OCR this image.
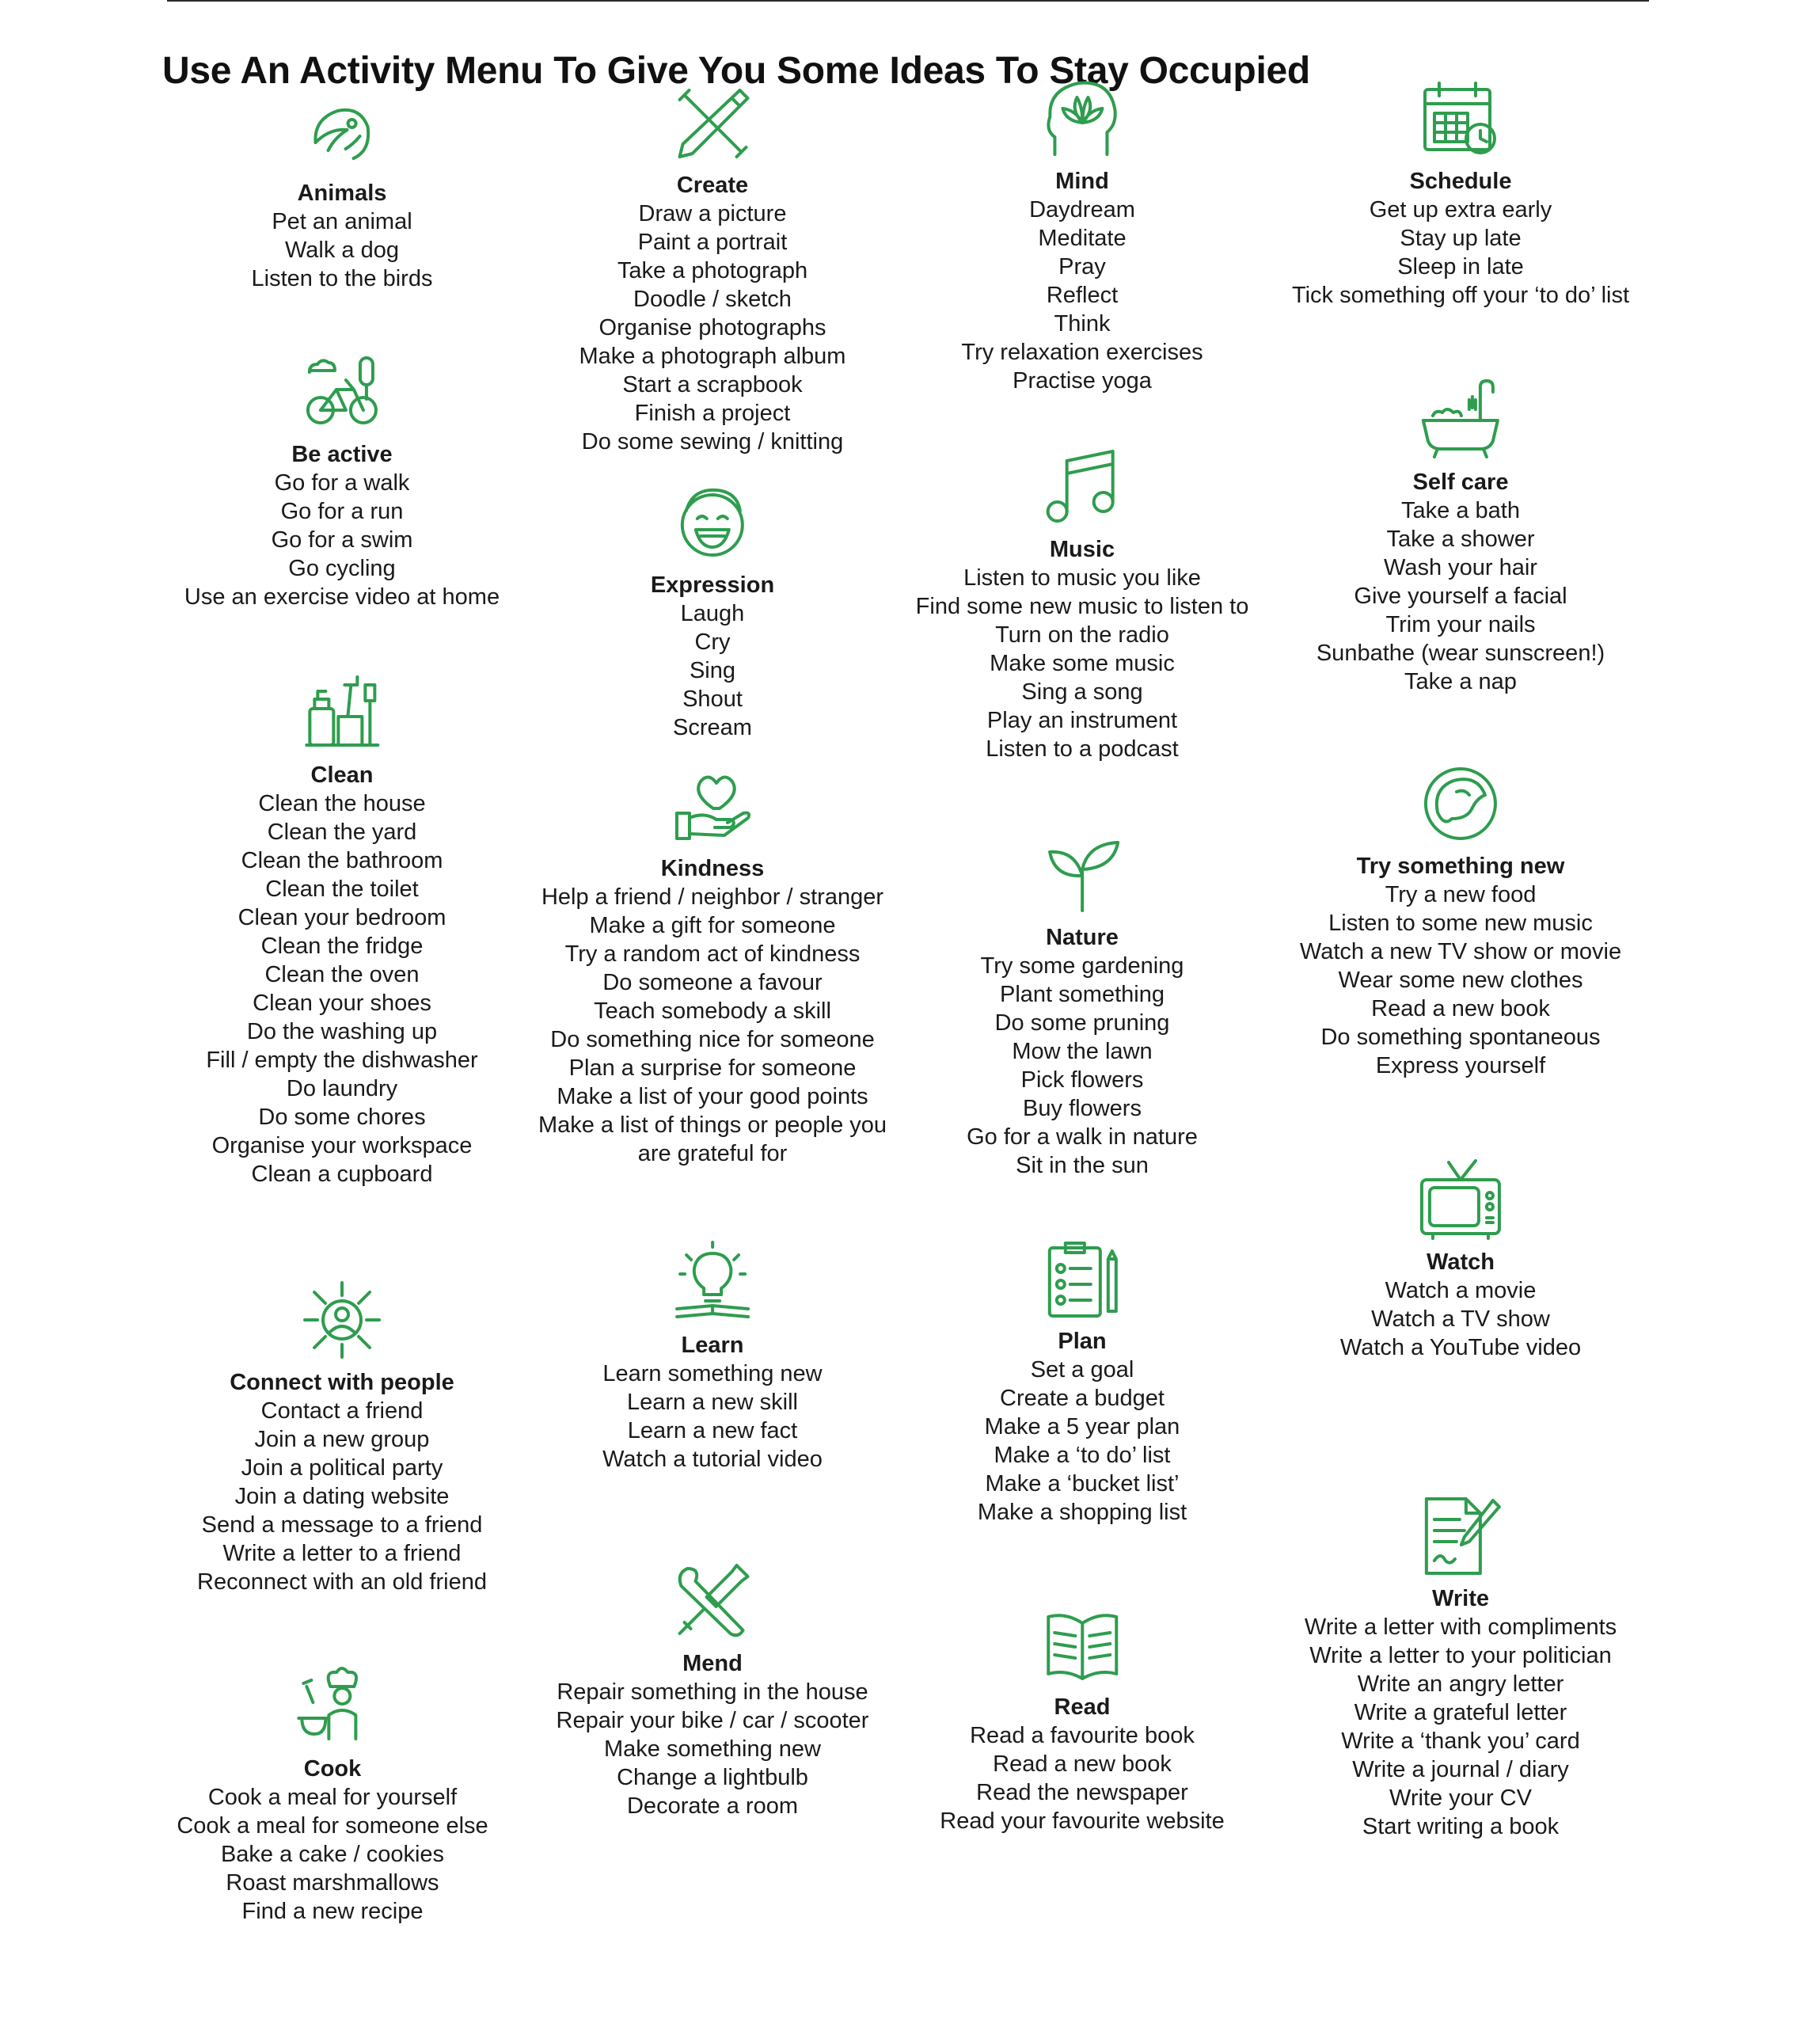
Use An Activity Menu To Give You Some Ideas To Stay Occupied
Animals
Pet an animal
Walk a dog
Listen to the birds
Be active
Go for a walk
Go for a run
Go for a swim
Go cycling
Use an exercise video at home
Clean
Clean the house
Clean the yard
Clean the bathroom
Clean the toilet
Clean your bedroom
Clean the fridge
Clean the oven
Clean your shoes
Do the washing up
Fill / empty the dishwasher
Do laundry
Do some chores
Organise your workspace
Clean a cupboard
Connect with people
Contact a friend
Join a new group
Join a political party
Join a dating website
Send a message to a friend
Write a letter to a friend
Reconnect with an old friend
Cook
Cook a meal for yourself
Cook a meal for someone else
Bake a cake / cookies
Roast marshmallows
Find a new recipe
Create
Draw a picture
Paint a portrait
Take a photograph
Doodle / sketch
Organise photographs
Make a photograph album
Start a scrapbook
Finish a project
Do some sewing / knitting
Expression
Laugh
Cry
Sing
Shout
Scream
Kindness
Help a friend / neighbor / stranger
Make a gift for someone
Try a random act of kindness
Do someone a favour
Teach somebody a skill
Do something nice for someone
Plan a surprise for someone
Make a list of your good points
Make a list of things or people you
are grateful for
Learn
Learn something new
Learn a new skill
Learn a new fact
Watch a tutorial video
Mend
Repair something in the house
Repair your bike / car / scooter
Make something new
Change a lightbulb
Decorate a room
Mind
Daydream
Meditate
Pray
Reflect
Think
Try relaxation exercises
Practise yoga
Music
Listen to music you like
Find some new music to listen to
Turn on the radio
Make some music
Sing a song
Play an instrument
Listen to a podcast
Nature
Try some gardening
Plant something
Do some pruning
Mow the lawn
Pick flowers
Buy flowers
Go for a walk in nature
Sit in the sun
Plan
Set a goal
Create a budget
Make a 5 year plan
Make a ‘to do’ list
Make a ‘bucket list’
Make a shopping list
Read
Read a favourite book
Read a new book
Read the newspaper
Read your favourite website
Schedule
Get up extra early
Stay up late
Sleep in late
Tick something off your ‘to do’ list
Self care
Take a bath
Take a shower
Wash your hair
Give yourself a facial
Trim your nails
Sunbathe (wear sunscreen!)
Take a nap
Try something new
Try a new food
Listen to some new music
Watch a new TV show or movie
Wear some new clothes
Read a new book
Do something spontaneous
Express yourself
Watch
Watch a movie
Watch a TV show
Watch a YouTube video
Write
Write a letter with compliments
Write a letter to your politician
Write an angry letter
Write a grateful letter
Write a ‘thank you’ card
Write a journal / diary
Write your CV
Start writing a book
